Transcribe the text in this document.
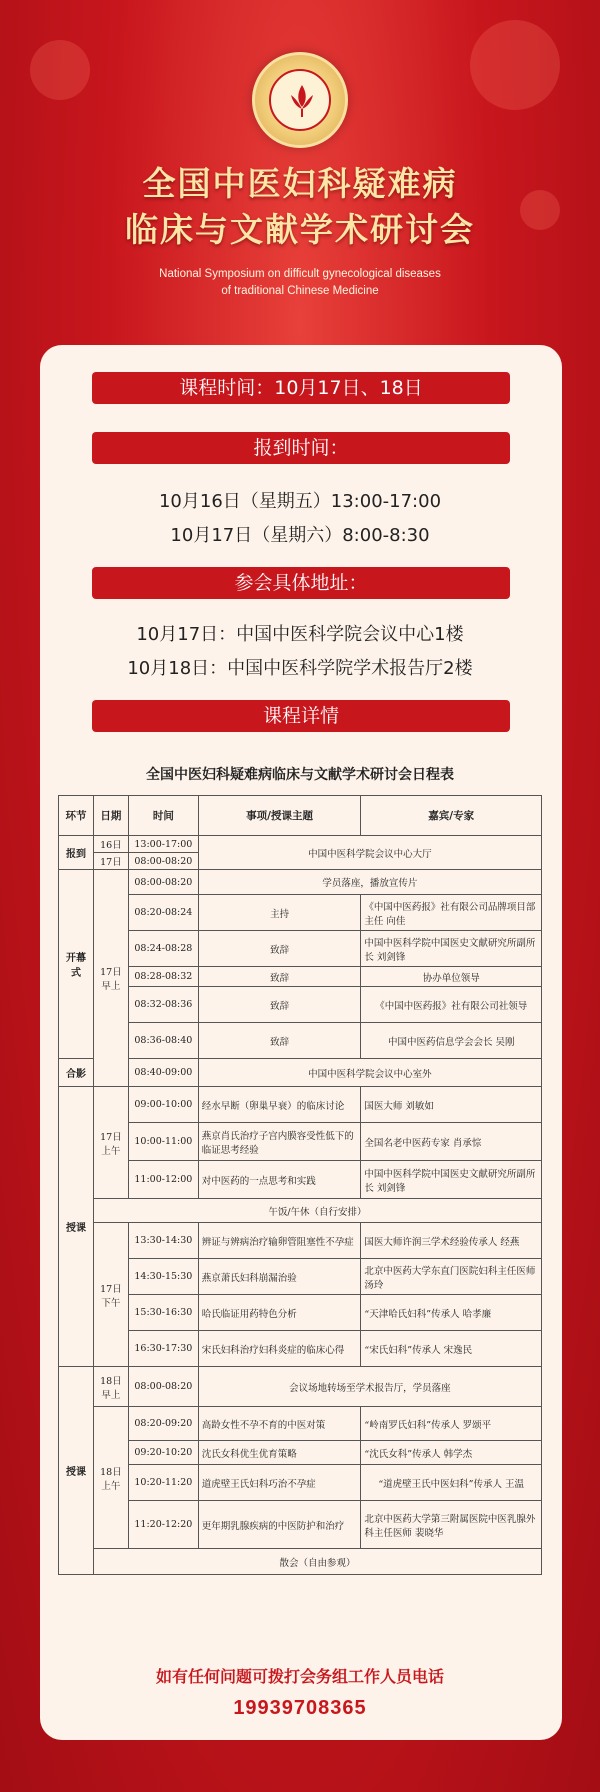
全国中医妇科疑难病
临床与文献学术研讨会
National Symposium on difficult gynecological diseases
of traditional Chinese Medicine
课程时间：10月17日、18日
报到时间：
10月16日（星期五）13:00-17:00
10月17日（星期六）8:00-8:30
参会具体地址：
10月17日：中国中医科学院会议中心1楼
10月18日：中国中医科学院学术报告厅2楼
课程详情
全国中医妇科疑难病临床与文献学术研讨会日程表
环节	日期	时间	事项/授课主题	嘉宾/专家
报到	16日	13:00-17:00	中国中医科学院会议中心大厅	
	17日	08:00-08:20		
开幕式	17日早上	08:00-08:20	学员落座，播放宣传片	
		08:20-08:24	主持	《中国中医药报》社有限公司品牌项目部主任 向佳
		08:24-08:28	致辞	中国中医科学院中国医史文献研究所副所长 刘剑锋
		08:28-08:32	致辞	协办单位领导
		08:32-08:36	致辞	《中国中医药报》社有限公司社领导
		08:36-08:40	致辞	中国中医药信息学会会长 吴刚
合影		08:40-09:00	中国中医科学院会议中心室外	
授课	17日上午	09:00-10:00	经水早断（卵巢早衰）的临床讨论	国医大师 刘敏如
		10:00-11:00	燕京肖氏治疗子宫内膜容受性低下的临证思考经验	全国名老中医药专家 肖承悰
		11:00-12:00	对中医药的一点思考和实践	中国中医科学院中国医史文献研究所副所长 刘剑锋
	午饭/午休（自行安排）			
	17日下午	13:30-14:30	辨证与辨病治疗输卵管阻塞性不孕症	国医大师许润三学术经验传承人 经燕
		14:30-15:30	燕京萧氏妇科崩漏治验	北京中医药大学东直门医院妇科主任医师 汤玲
		15:30-16:30	哈氏临证用药特色分析	“天津哈氏妇科”传承人 哈孝廉
		16:30-17:30	宋氏妇科治疗妇科炎症的临床心得	“宋氏妇科”传承人 宋逸民
授课	18日早上	08:00-08:20	会议场地转场至学术报告厅，学员落座	
	18日上午	08:20-09:20	高龄女性不孕不育的中医对策	“岭南罗氏妇科”传承人 罗颂平
		09:20-10:20	沈氏女科优生优育策略	“沈氏女科”传承人 韩学杰
		10:20-11:20	道虎壁王氏妇科巧治不孕症	“道虎壁王氏中医妇科”传承人 王温
		11:20-12:20	更年期乳腺疾病的中医防护和治疗	北京中医药大学第三附属医院中医乳腺外科主任医师 裴晓华
	散会（自由参观）			
如有任何问题可拨打会务组工作人员电话
19939708365
